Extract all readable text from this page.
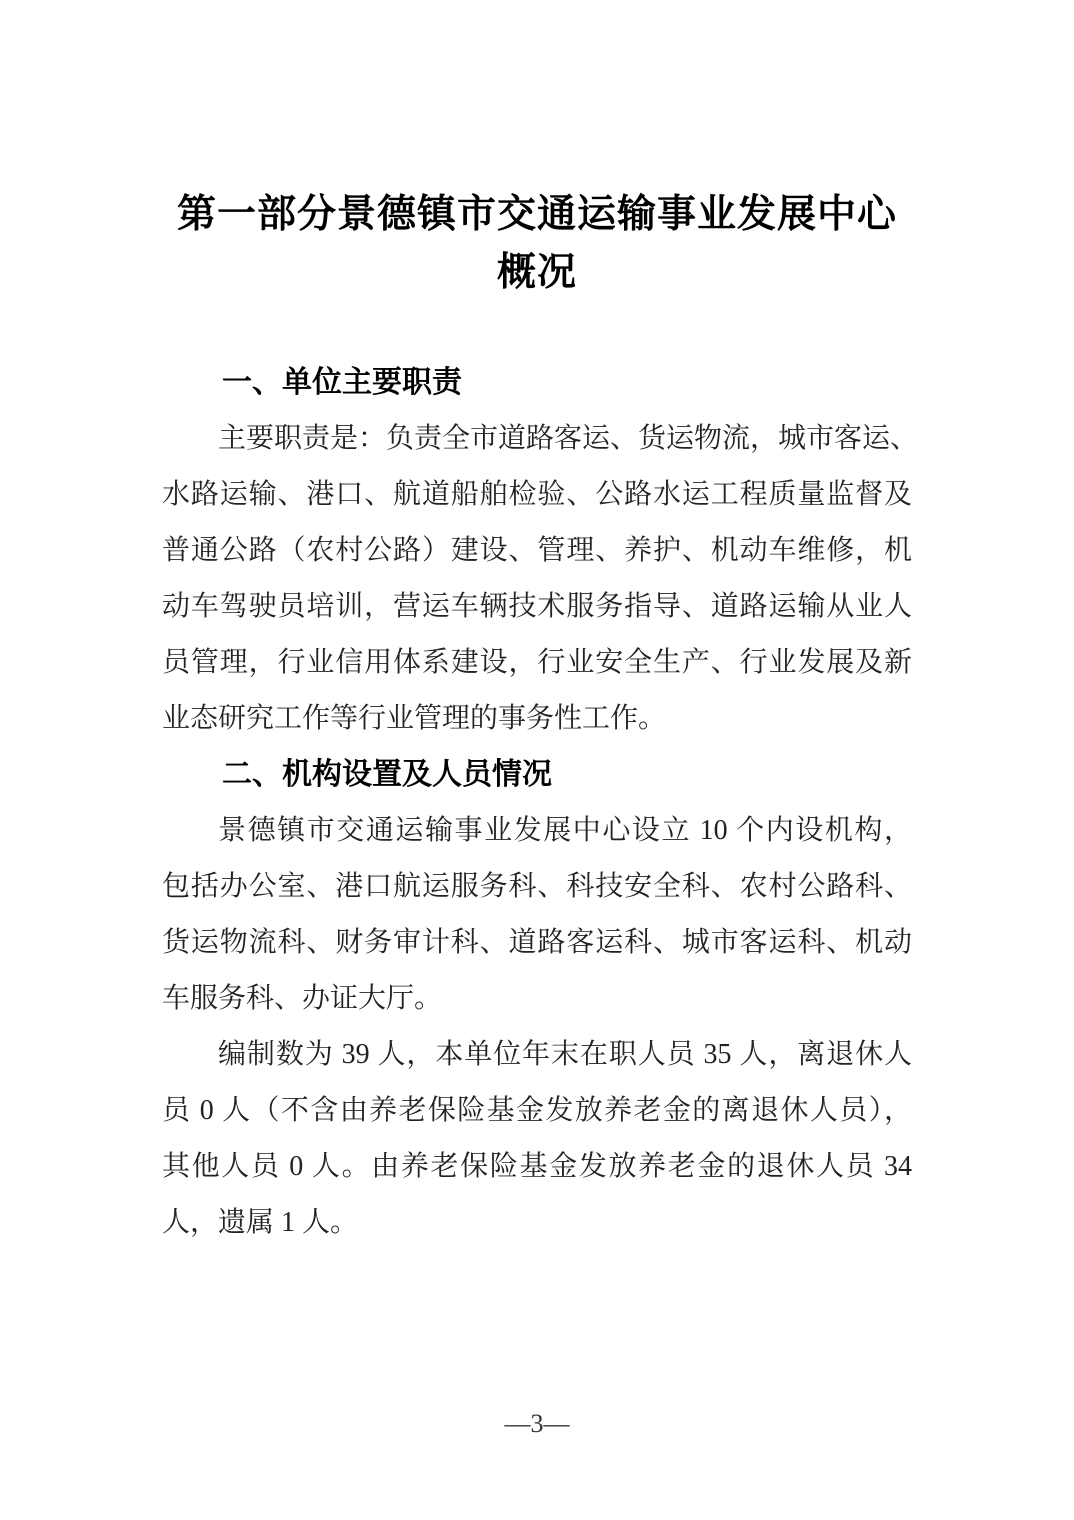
第一部分景德镇市交通运输事业发展中心
概况
一、单位主要职责
主要职责是：负责全市道路客运、货运物流，城市客运、
水路运输、港口、航道船舶检验、公路水运工程质量监督及
普通公路（农村公路）建设、管理、养护、机动车维修，机
动车驾驶员培训，营运车辆技术服务指导、道路运输从业人
员管理，行业信用体系建设，行业安全生产、行业发展及新
业态研究工作等行业管理的事务性工作。
二、机构设置及人员情况
景德镇市交通运输事业发展中心设立 10 个内设机构，
包括办公室、港口航运服务科、科技安全科、农村公路科、
货运物流科、财务审计科、道路客运科、城市客运科、机动
车服务科、办证大厅。
编制数为 39 人，本单位年末在职人员 35 人，离退休人
员 0 人（不含由养老保险基金发放养老金的离退休人员），
其他人员 0 人。由养老保险基金发放养老金的退休人员 34
人，遗属 1 人。
—3—
